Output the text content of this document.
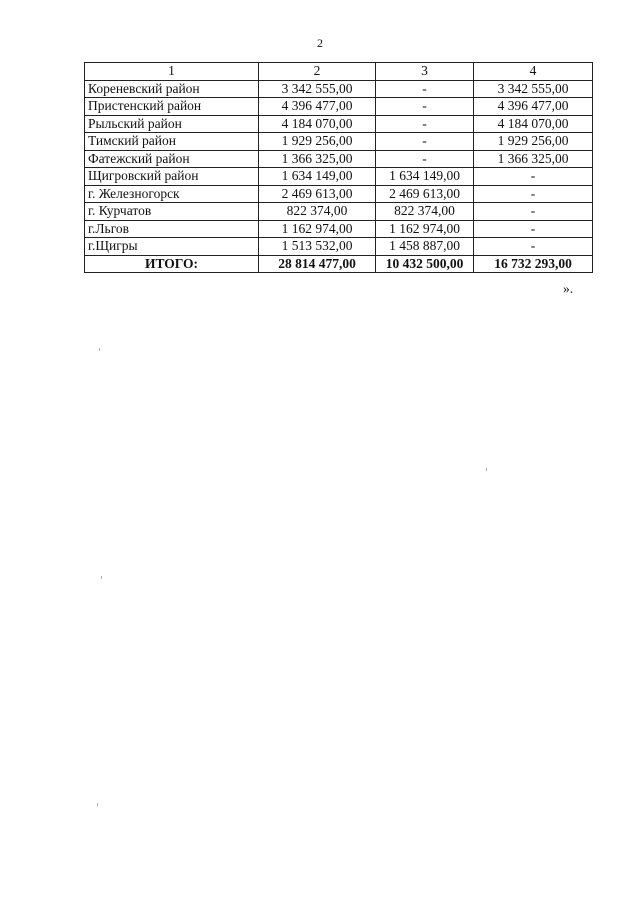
2
1	2	3	4
Кореневский район	3 342 555,00	-	3 342 555,00
Пристенский район	4 396 477,00	-	4 396 477,00
Рыльский район	4 184 070,00	-	4 184 070,00
Тимский район	1 929 256,00	-	1 929 256,00
Фатежский район	1 366 325,00	-	1 366 325,00
Щигровский район	1 634 149,00	1 634 149,00	-
г. Железногорск	2 469 613,00	2 469 613,00	-
г. Курчатов	822 374,00	822 374,00	-
г.Льгов	1 162 974,00	1 162 974,00	-
г.Щигры	1 513 532,00	1 458 887,00	-
ИТОГО:	28 814 477,00	10 432 500,00	16 732 293,00
».
